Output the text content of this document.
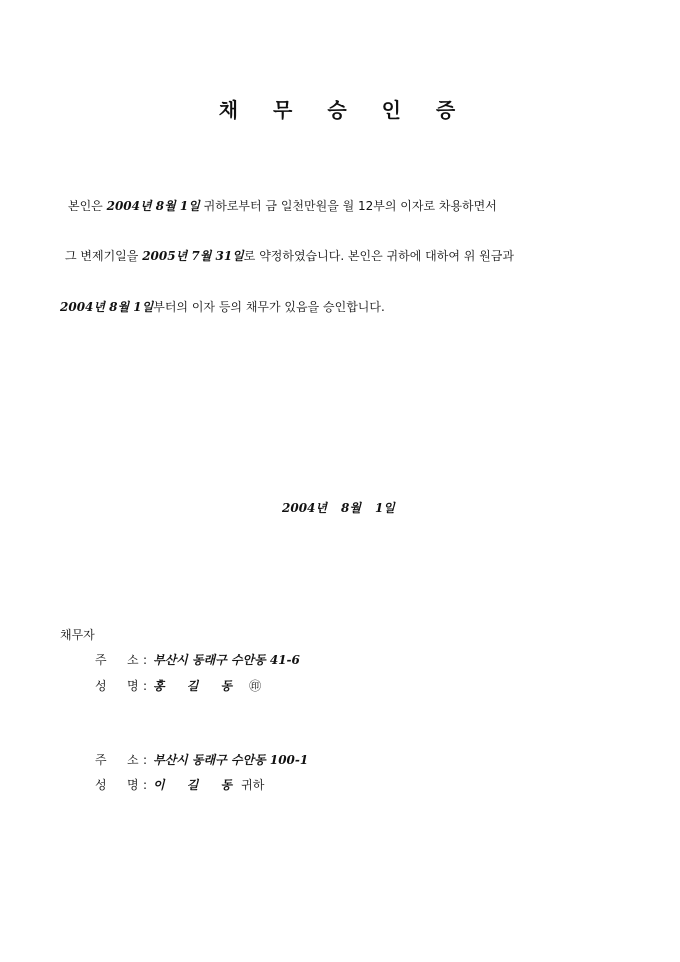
채 무 승 인 증
본인은 2004년 8월 1일 귀하로부터 금 일천만원을 월 12부의 이자로 차용하면서
그 변제기일을 2005년 7월 31일로 약정하였습니다. 본인은 귀하에 대하여 위 원금과
2004년 8월 1일부터의 이자 등의 채무가 있음을 승인합니다.
2004년 8월 1일
채무자
주 소 : 부산시 동래구 수안동 41-6
성 명 : 홍 길 동 ㊞
주 소 : 부산시 동래구 수안동 100-1
성 명 : 이 길 동귀하
